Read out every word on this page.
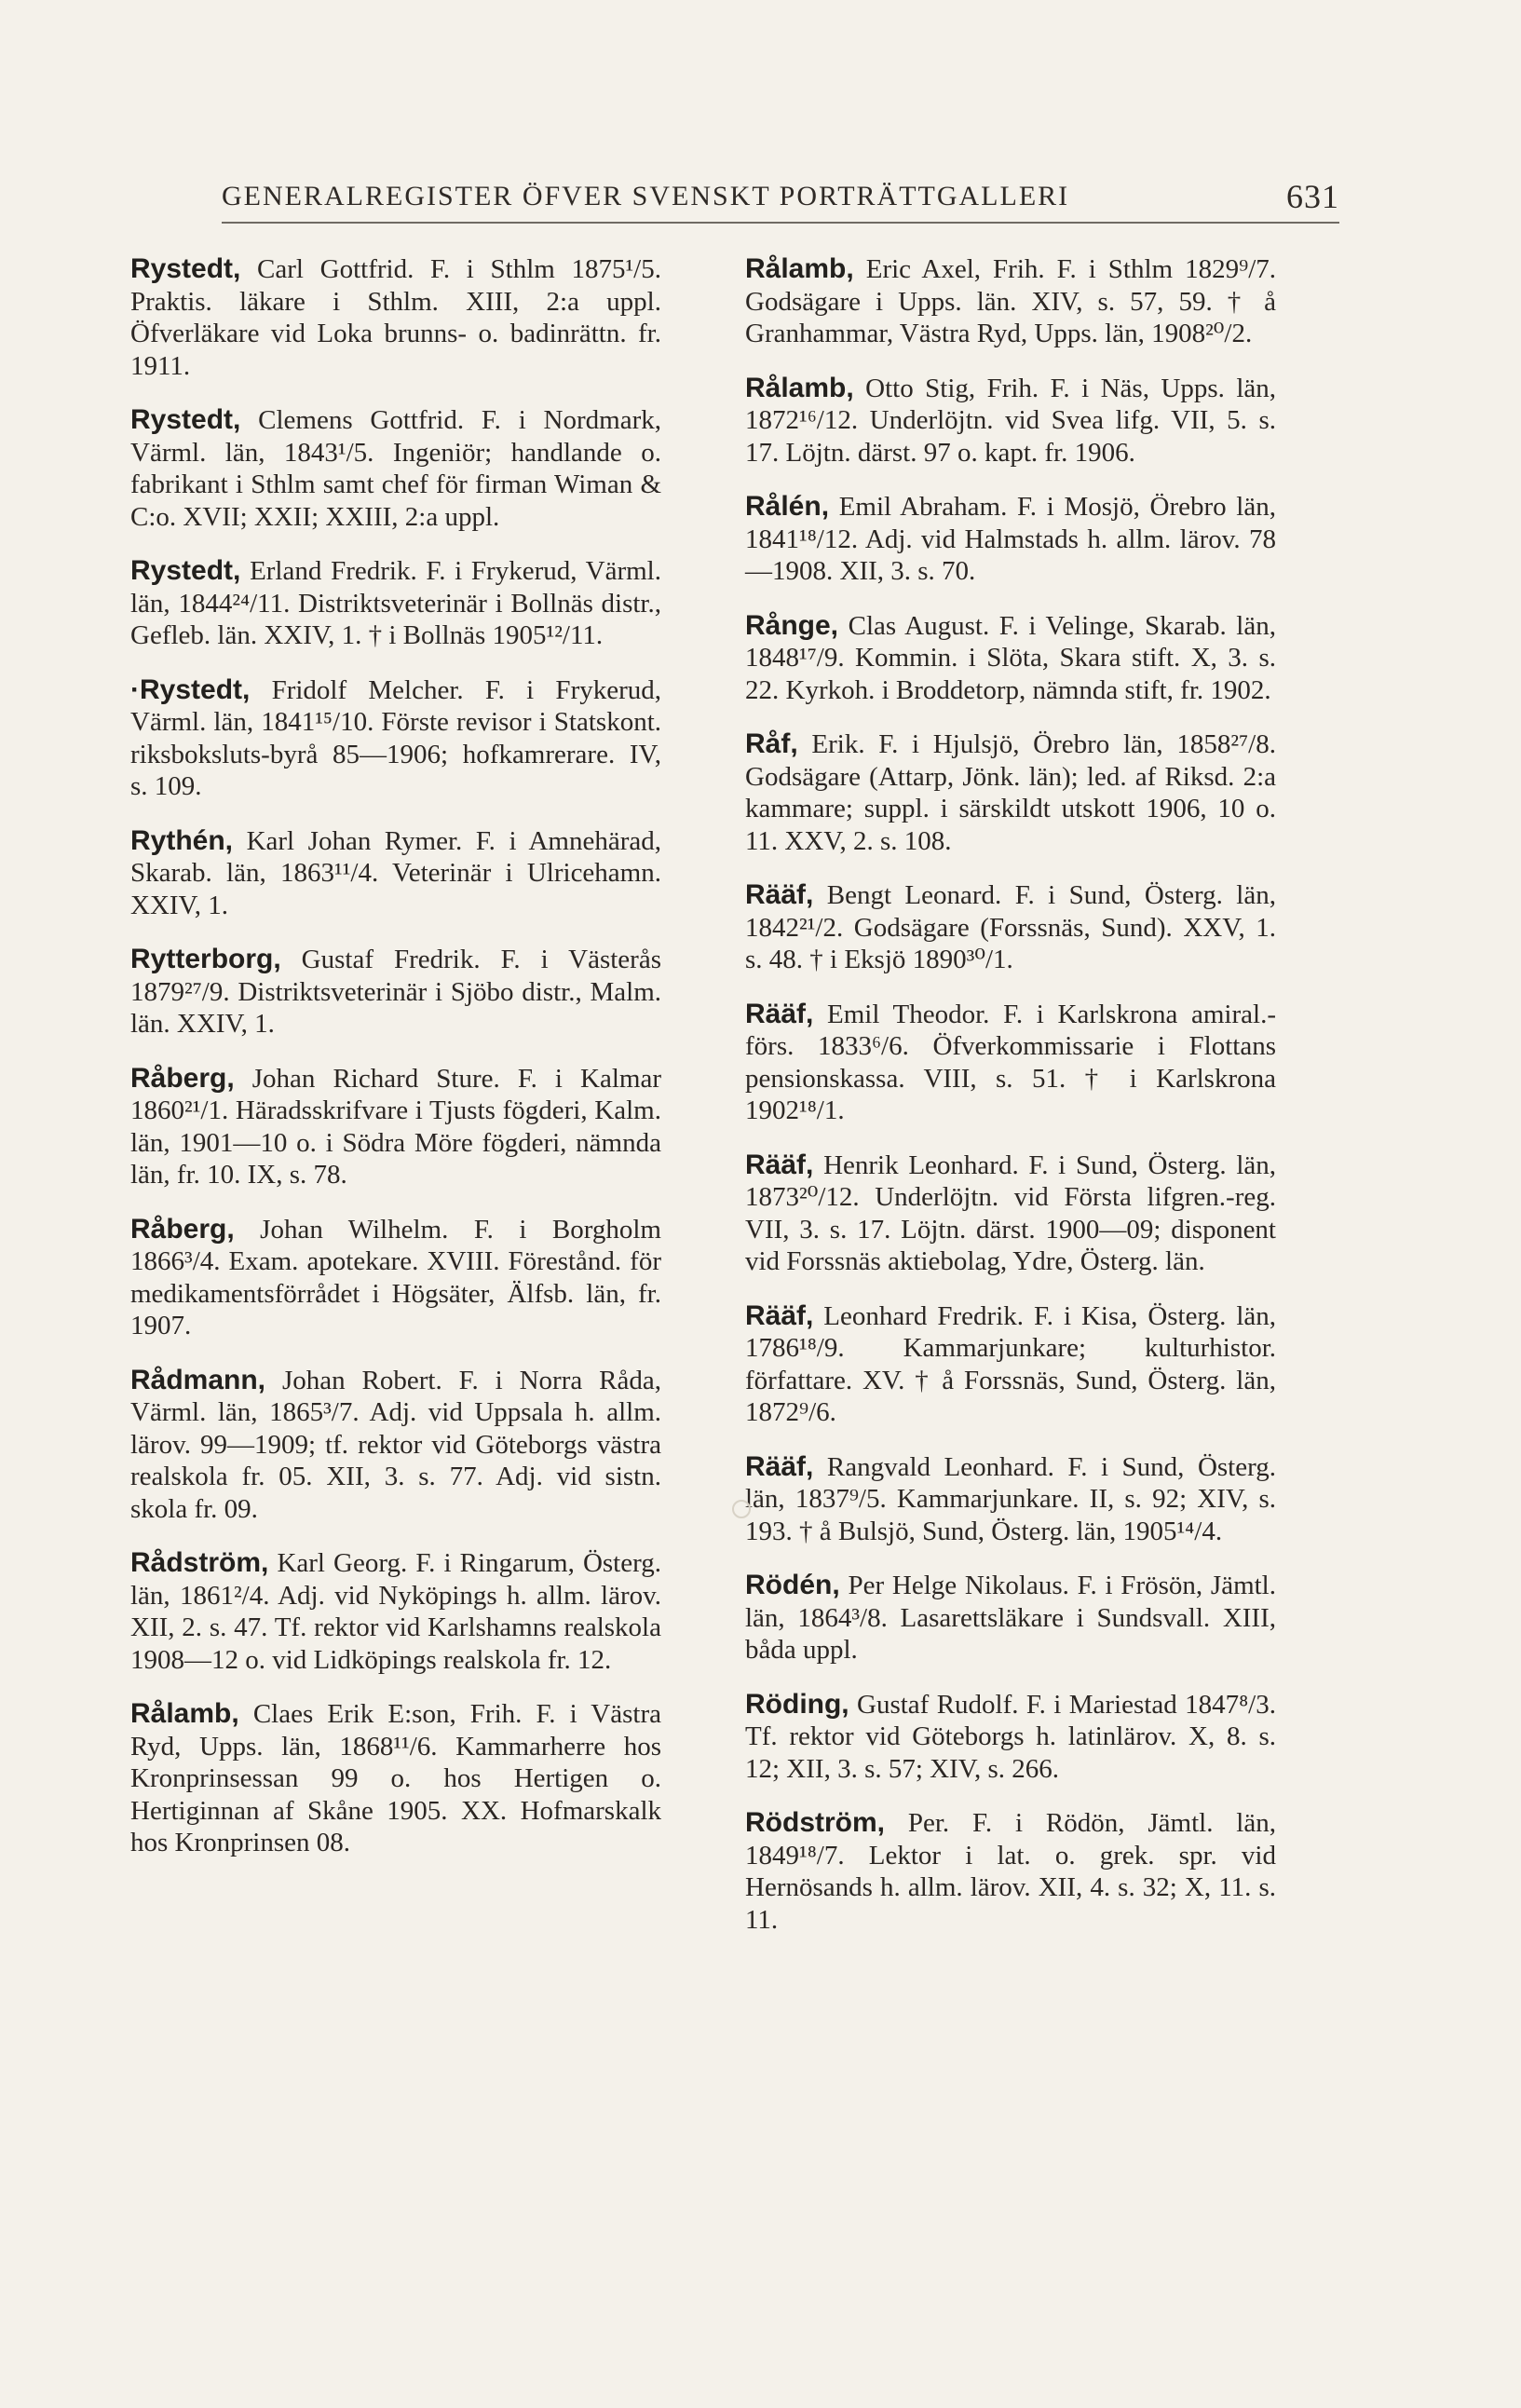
GENERALREGISTER ÖFVER SVENSKT PORTRÄTTGALLERI	631

Rystedt, Carl Gottfrid. F. i Sthlm 1875¹/5. Praktis. läkare i Sthlm. XIII, 2:a uppl. Öfverläkare vid Loka brunns- o. badinrättn. fr. 1911.

Rystedt, Clemens Gottfrid. F. i Nordmark, Värml. län, 1843¹/5. Ingeniör; handlande o. fabrikant i Sthlm samt chef för firman Wiman & C:o. XVII; XXII; XXIII, 2:a uppl.

Rystedt, Erland Fredrik. F. i Frykerud, Värml. län, 1844²⁴/11. Distriktsveterinär i Bollnäs distr., Gefleb. län. XXIV, 1. † i Bollnäs 1905¹²/11.

·Rystedt, Fridolf Melcher. F. i Frykerud, Värml. län, 1841¹⁵/10. Förste revisor i Statskont. riksboksluts-byrå 85—1906; hofkamrerare. IV, s. 109.

Rythén, Karl Johan Rymer. F. i Amnehärad, Skarab. län, 1863¹¹/4. Veterinär i Ulricehamn. XXIV, 1.

Rytterborg, Gustaf Fredrik. F. i Västerås 1879²⁷/9. Distriktsveterinär i Sjöbo distr., Malm. län. XXIV, 1.

Råberg, Johan Richard Sture. F. i Kalmar 1860²¹/1. Häradsskrifvare i Tjusts fögderi, Kalm. län, 1901—10 o. i Södra Möre fögderi, nämnda län, fr. 10. IX, s. 78.

Råberg, Johan Wilhelm. F. i Borgholm 1866³/4. Exam. apotekare. XVIII. Förestånd. för medikamentsförrådet i Högsäter, Älfsb. län, fr. 1907.

Rådmann, Johan Robert. F. i Norra Råda, Värml. län, 1865³/7. Adj. vid Uppsala h. allm. lärov. 99—1909; tf. rektor vid Göteborgs västra realskola fr. 05. XII, 3. s. 77. Adj. vid sistn. skola fr. 09.

Rådström, Karl Georg. F. i Ringarum, Österg. län, 1861²/4. Adj. vid Nyköpings h. allm. lärov. XII, 2. s. 47. Tf. rektor vid Karlshamns realskola 1908—12 o. vid Lidköpings realskola fr. 12.

Rålamb, Claes Erik E:son, Frih. F. i Västra Ryd, Upps. län, 1868¹¹/6. Kammarherre hos Kronprinsessan 99 o. hos Hertigen o. Hertiginnan af Skåne 1905. XX. Hofmarskalk hos Kronprinsen 08.

Rålamb, Eric Axel, Frih. F. i Sthlm 1829⁹/7. Godsägare i Upps. län. XIV, s. 57, 59. † å Granhammar, Västra Ryd, Upps. län, 1908²⁰/2.

Rålamb, Otto Stig, Frih. F. i Näs, Upps. län, 1872¹⁶/12. Underlöjtn. vid Svea lifg. VII, 5. s. 17. Löjtn. därst. 97 o. kapt. fr. 1906.

Rålén, Emil Abraham. F. i Mosjö, Örebro län, 1841¹⁸/12. Adj. vid Halmstads h. allm. lärov. 78—1908. XII, 3. s. 70.

Rånge, Clas August. F. i Velinge, Skarab. län, 1848¹⁷/9. Kommin. i Slöta, Skara stift. X, 3. s. 22. Kyrkoh. i Broddetorp, nämnda stift, fr. 1902.

Råf, Erik. F. i Hjulsjö, Örebro län, 1858²⁷/8. Godsägare (Attarp, Jönk. län); led. af Riksd. 2:a kammare; suppl. i särskildt utskott 1906, 10 o. 11. XXV, 2. s. 108.

Rääf, Bengt Leonard. F. i Sund, Österg. län, 1842²¹/2. Godsägare (Forssnäs, Sund). XXV, 1. s. 48. † i Eksjö 1890³⁰/1.

Rääf, Emil Theodor. F. i Karlskrona amiral.-förs. 1833⁶/6. Öfverkommissarie i Flottans pensionskassa. VIII, s. 51. † i Karlskrona 1902¹⁸/1.

Rääf, Henrik Leonhard. F. i Sund, Österg. län, 1873²⁰/12. Underlöjtn. vid Första lifgren.-reg. VII, 3. s. 17. Löjtn. därst. 1900—09; disponent vid Forssnäs aktiebolag, Ydre, Österg. län.

Rääf, Leonhard Fredrik. F. i Kisa, Österg. län, 1786¹⁸/9. Kammarjunkare; kulturhistor. författare. XV. † å Forssnäs, Sund, Österg. län, 1872⁹/6.

Rääf, Rangvald Leonhard. F. i Sund, Österg. län, 1837⁹/5. Kammarjunkare. II, s. 92; XIV, s. 193. † å Bulsjö, Sund, Österg. län, 1905¹⁴/4.

Rödén, Per Helge Nikolaus. F. i Frösön, Jämtl. län, 1864³/8. Lasarettsläkare i Sundsvall. XIII, båda uppl.

Röding, Gustaf Rudolf. F. i Mariestad 1847⁸/3. Tf. rektor vid Göteborgs h. latinlärov. X, 8. s. 12; XII, 3. s. 57; XIV, s. 266.

Rödström, Per. F. i Rödön, Jämtl. län, 1849¹⁸/7. Lektor i lat. o. grek. spr. vid Hernösands h. allm. lärov. XII, 4. s. 32; X, 11. s. 11.
